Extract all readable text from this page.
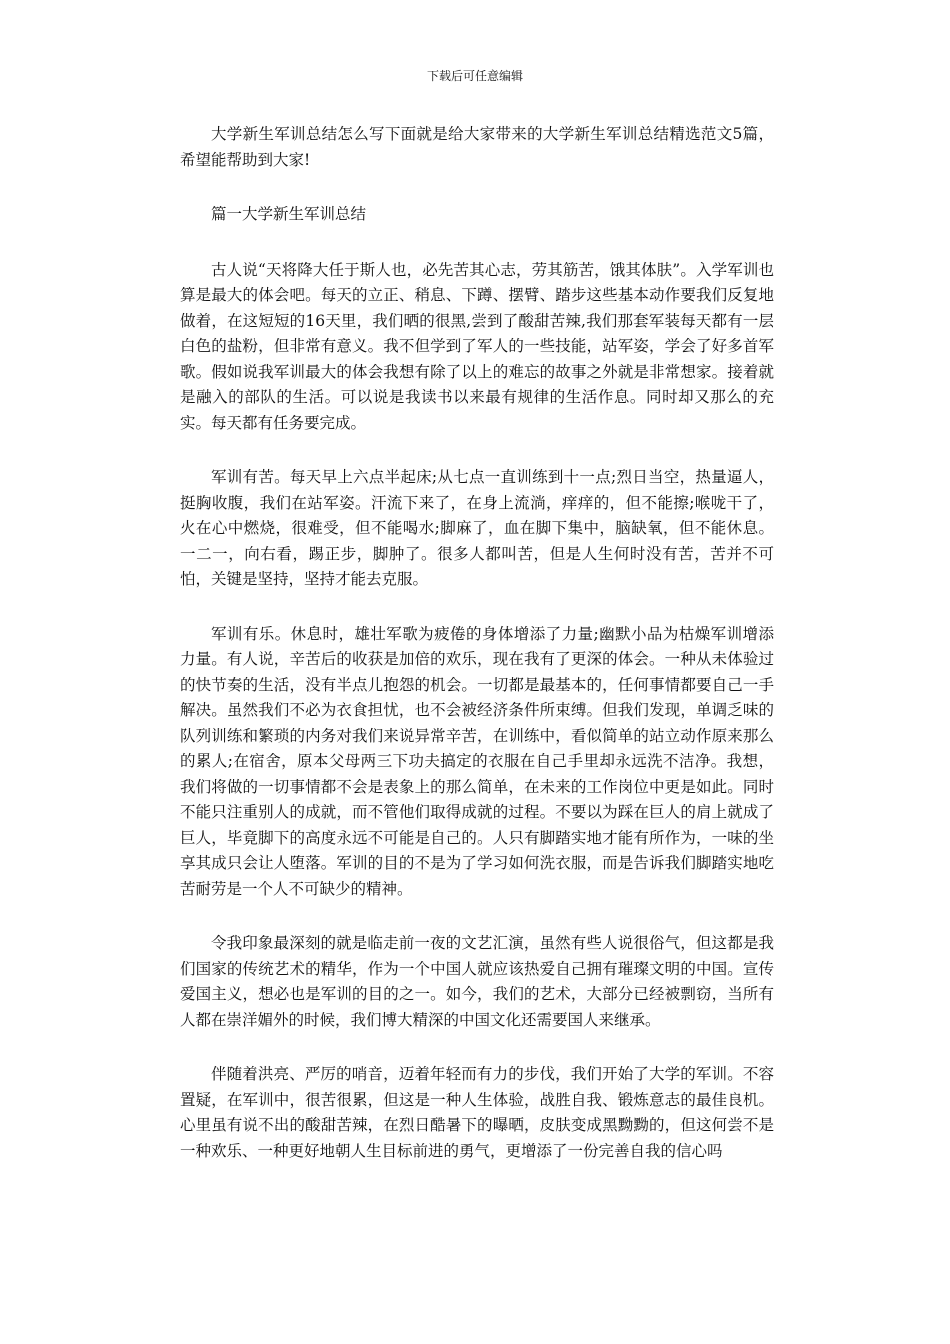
下载后可任意编辑

大学新生军训总结怎么写下面就是给大家带来的大学新生军训总结精选范文5篇，希望能帮助到大家!

篇一大学新生军训总结

古人说“天将降大任于斯人也，必先苦其心志，劳其筋苦，饿其体肤”。入学军训也算是最大的体会吧。每天的立正、稍息、下蹲、摆臂、踏步这些基本动作要我们反复地做着，在这短短的16天里，我们晒的很黑,尝到了酸甜苦辣,我们那套军装每天都有一层白色的盐粉，但非常有意义。我不但学到了军人的一些技能，站军姿，学会了好多首军歌。假如说我军训最大的体会我想有除了以上的难忘的故事之外就是非常想家。接着就是融入的部队的生活。可以说是我读书以来最有规律的生活作息。同时却又那么的充实。每天都有任务要完成。

军训有苦。每天早上六点半起床;从七点一直训练到十一点;烈日当空，热量逼人，挺胸收腹，我们在站军姿。汗流下来了，在身上流淌，痒痒的，但不能擦;喉咙干了，火在心中燃烧，很难受，但不能喝水;脚麻了，血在脚下集中，脑缺氧，但不能休息。一二一，向右看，踢正步，脚肿了。很多人都叫苦，但是人生何时没有苦，苦并不可怕，关键是坚持，坚持才能去克服。

军训有乐。休息时，雄壮军歌为疲倦的身体增添了力量;幽默小品为枯燥军训增添力量。有人说，辛苦后的收获是加倍的欢乐，现在我有了更深的体会。一种从未体验过的快节奏的生活，没有半点儿抱怨的机会。一切都是最基本的，任何事情都要自己一手解决。虽然我们不必为衣食担忧，也不会被经济条件所束缚。但我们发现，单调乏味的队列训练和繁琐的内务对我们来说异常辛苦，在训练中，看似简单的站立动作原来那么的累人;在宿舍，原本父母两三下功夫搞定的衣服在自己手里却永远洗不洁净。我想，我们将做的一切事情都不会是表象上的那么简单，在未来的工作岗位中更是如此。同时不能只注重别人的成就，而不管他们取得成就的过程。不要以为踩在巨人的肩上就成了巨人，毕竟脚下的高度永远不可能是自己的。人只有脚踏实地才能有所作为，一味的坐享其成只会让人堕落。军训的目的不是为了学习如何洗衣服，而是告诉我们脚踏实地吃苦耐劳是一个人不可缺少的精神。

令我印象最深刻的就是临走前一夜的文艺汇演，虽然有些人说很俗气，但这都是我们国家的传统艺术的精华，作为一个中国人就应该热爱自己拥有璀璨文明的中国。宣传爱国主义，想必也是军训的目的之一。如今，我们的艺术，大部分已经被剽窃，当所有人都在崇洋媚外的时候，我们博大精深的中国文化还需要国人来继承。

伴随着洪亮、严厉的哨音，迈着年轻而有力的步伐，我们开始了大学的军训。不容置疑，在军训中，很苦很累，但这是一种人生体验，战胜自我、锻炼意志的最佳良机。心里虽有说不出的酸甜苦辣，在烈日酷暑下的曝晒，皮肤变成黑黝黝的，但这何尝不是一种欢乐、一种更好地朝人生目标前进的勇气，更增添了一份完善自我的信心吗
